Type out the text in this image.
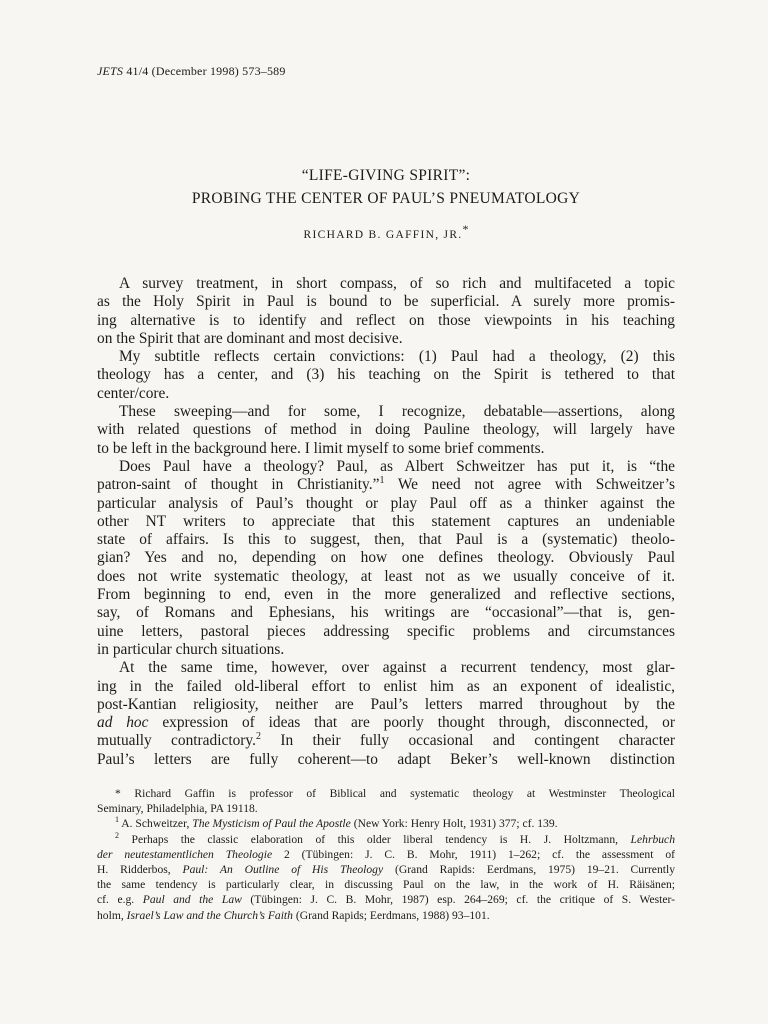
JETS 41/4 (December 1998) 573–589
“LIFE-GIVING SPIRIT”:
PROBING THE CENTER OF PAUL’S PNEUMATOLOGY
RICHARD B. GAFFIN, JR.*
A survey treatment, in short compass, of so rich and multifaceted a topic
as the Holy Spirit in Paul is bound to be superficial. A surely more promis-
ing alternative is to identify and reflect on those viewpoints in his teaching
on the Spirit that are dominant and most decisive.
My subtitle reflects certain convictions: (1) Paul had a theology, (2) this
theology has a center, and (3) his teaching on the Spirit is tethered to that
center/core.
These sweeping—and for some, I recognize, debatable—assertions, along
with related questions of method in doing Pauline theology, will largely have
to be left in the background here. I limit myself to some brief comments.
Does Paul have a theology? Paul, as Albert Schweitzer has put it, is “the
patron-saint of thought in Christianity.”$^1$ We need not agree with Schweitzer’s
particular analysis of Paul’s thought or play Paul off as a thinker against the
other NT writers to appreciate that this statement captures an undeniable
state of affairs. Is this to suggest, then, that Paul is a (systematic) theolo-
gian? Yes and no, depending on how one defines theology. Obviously Paul
does not write systematic theology, at least not as we usually conceive of it.
From beginning to end, even in the more generalized and reflective sections,
say, of Romans and Ephesians, his writings are “occasional”—that is, gen-
uine letters, pastoral pieces addressing specific problems and circumstances
in particular church situations.
At the same time, however, over against a recurrent tendency, most glar-
ing in the failed old-liberal effort to enlist him as an exponent of idealistic,
post-Kantian religiosity, neither are Paul’s letters marred throughout by the
ad hoc expression of ideas that are poorly thought through, disconnected, or
mutually contradictory.$^2$ In their fully occasional and contingent character
Paul’s letters are fully coherent—to adapt Beker’s well-known distinction
* Richard Gaffin is professor of Biblical and systematic theology at Westminster Theological
Seminary, Philadelphia, PA 19118.
$^1$ A. Schweitzer, The Mysticism of Paul the Apostle (New York: Henry Holt, 1931) 377; cf. 139.
$^2$ Perhaps the classic elaboration of this older liberal tendency is H. J. Holtzmann, Lehrbuch
der neutestamentlichen Theologie 2 (Tübingen: J. C. B. Mohr, 1911) 1–262; cf. the assessment of
H. Ridderbos, Paul: An Outline of His Theology (Grand Rapids: Eerdmans, 1975) 19–21. Currently
the same tendency is particularly clear, in discussing Paul on the law, in the work of H. Räisänen;
cf. e.g. Paul and the Law (Tübingen: J. C. B. Mohr, 1987) esp. 264–269; cf. the critique of S. Wester-
holm, Israel’s Law and the Church’s Faith (Grand Rapids; Eerdmans, 1988) 93–101.
